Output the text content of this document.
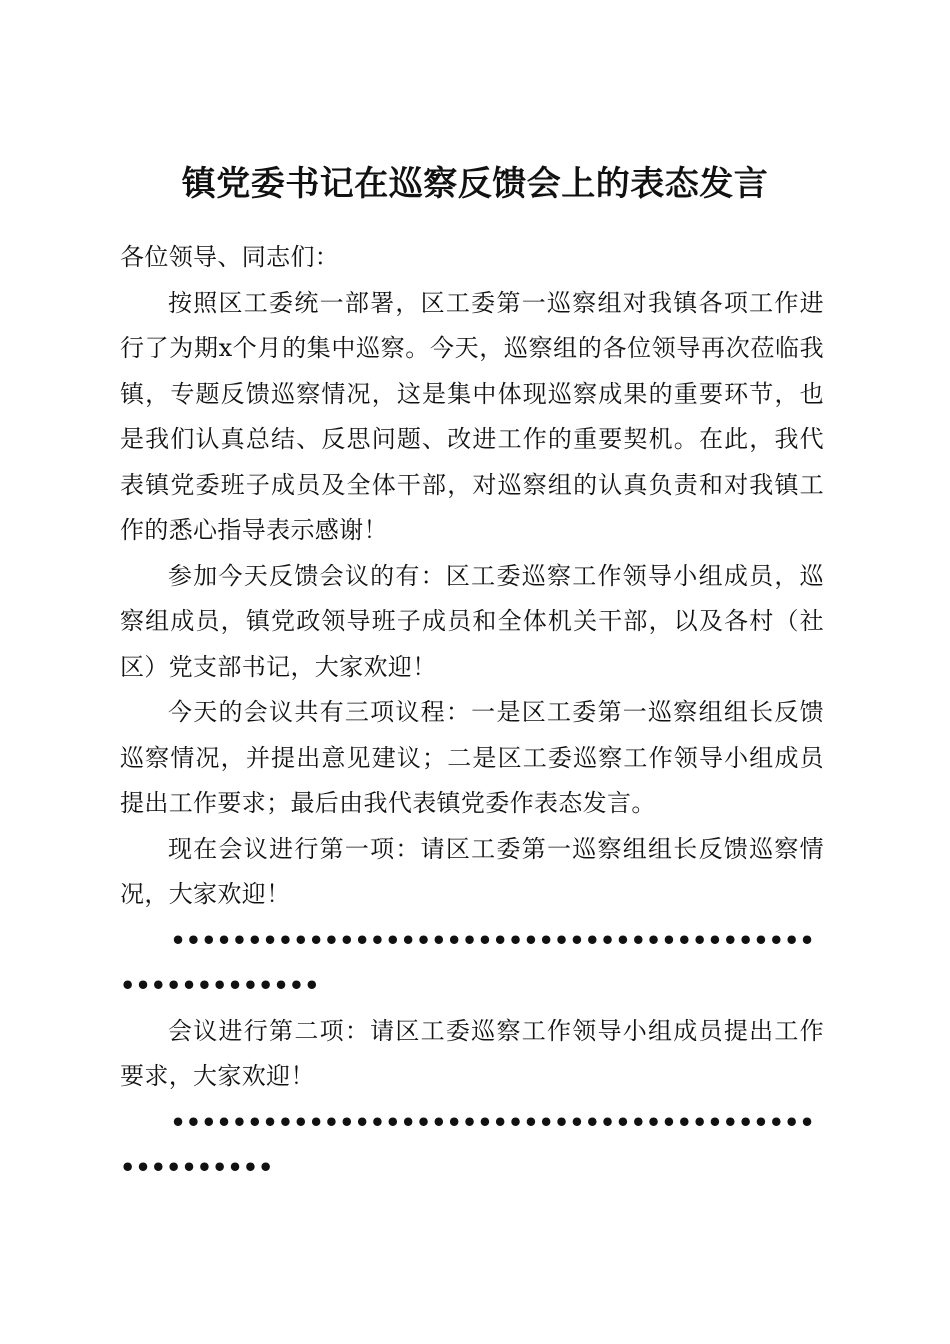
镇党委书记在巡察反馈会上的表态发言

各位领导、同志们：

按照区工委统一部署，区工委第一巡察组对我镇各项工作进行了为期x个月的集中巡察。今天，巡察组的各位领导再次莅临我镇，专题反馈巡察情况，这是集中体现巡察成果的重要环节，也是我们认真总结、反思问题、改进工作的重要契机。在此，我代表镇党委班子成员及全体干部，对巡察组的认真负责和对我镇工作的悉心指导表示感谢！

参加今天反馈会议的有：区工委巡察工作领导小组成员，巡察组成员，镇党政领导班子成员和全体机关干部，以及各村（社区）党支部书记，大家欢迎！

今天的会议共有三项议程：一是区工委第一巡察组组长反馈巡察情况，并提出意见建议；二是区工委巡察工作领导小组成员提出工作要求；最后由我代表镇党委作表态发言。

现在会议进行第一项：请区工委第一巡察组组长反馈巡察情况，大家欢迎！

•••••••••••••••••••••••••••••••••••••••••••••••••••••••

会议进行第二项：请区工委巡察工作领导小组成员提出工作要求，大家欢迎！

••••••••••••••••••••••••••••••••••••••••••••••••••••
